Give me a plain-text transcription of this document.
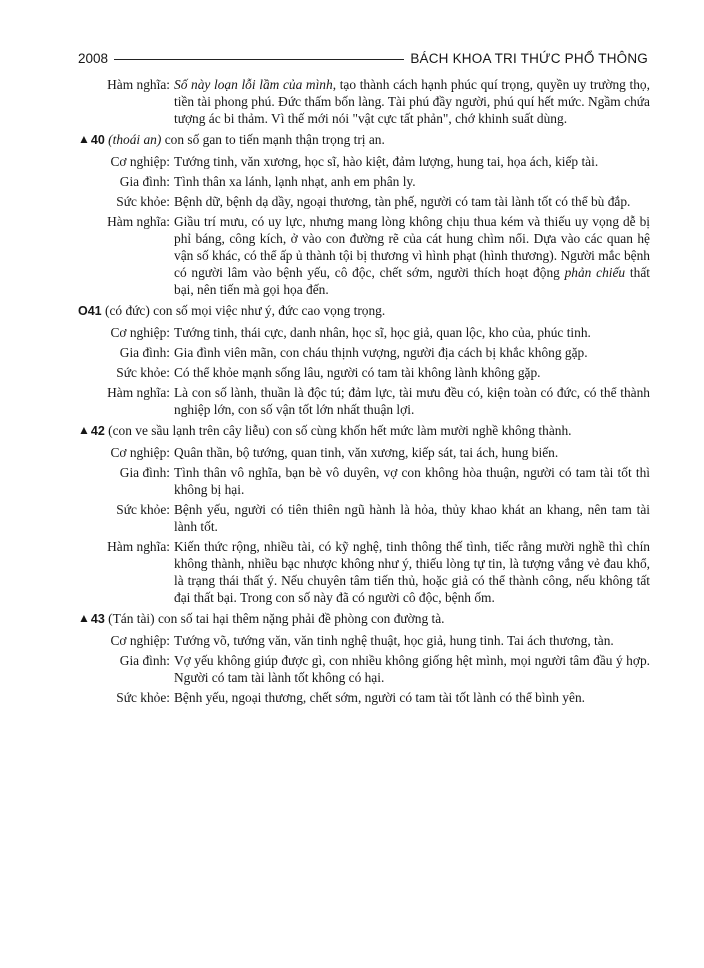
2008	BÁCH KHOA TRI THỨC PHỔ THÔNG
Hàm nghĩa: Số này loạn lỗi lầm của mình, tạo thành cách hạnh phúc quí trọng, quyền uy trường thọ, tiền tài phong phú. Đức thấm bốn làng. Tài phú đầy người, phú quí hết mức. Ngầm chứa tượng ác bi thảm. Vì thế mới nói "vật cực tất phản", chớ khinh suất dùng.
▲40 (thoái an) con số gan to tiến mạnh thận trọng trị an.
Cơ nghiệp: Tướng tinh, văn xương, học sĩ, hào kiệt, đảm lượng, hung tai, họa ách, kiếp tài.
Gia đình: Tình thân xa lánh, lạnh nhạt, anh em phân ly.
Sức khỏe: Bệnh dữ, bệnh dạ dầy, ngoại thương, tàn phế, người có tam tài lành tốt có thể bù đắp.
Hàm nghĩa: Giầu trí mưu, có uy lực, nhưng mang lòng không chịu thua kém và thiếu uy vọng dễ bị phỉ báng, công kích, ở vào con đường rẽ của cát hung chìm nổi. Dựa vào các quan hệ vận số khác, có thể ấp ủ thành tội bị thương vì hình phạt (hình thương). Người mắc bệnh có người lâm vào bệnh yếu, cô độc, chết sớm, người thích hoạt động phản chiếu thất bại, nên tiến mà gọi họa đến.
O41 (có đức) con số mọi việc như ý, đức cao vọng trọng.
Cơ nghiệp: Tướng tinh, thái cực, danh nhân, học sĩ, học giả, quan lộc, kho của, phúc tinh.
Gia đình: Gia đình viên mãn, con cháu thịnh vượng, người địa cách bị khắc không gặp.
Sức khỏe: Có thể khỏe mạnh sống lâu, người có tam tài không lành không gặp.
Hàm nghĩa: Là con số lành, thuần là độc tú; đảm lực, tài mưu đều có, kiện toàn có đức, có thể thành nghiệp lớn, con số vận tốt lớn nhất thuận lợi.
▲42 (con ve sầu lạnh trên cây liễu) con số cùng khốn hết mức làm mười nghề không thành.
Cơ nghiệp: Quân thần, bộ tướng, quan tinh, văn xương, kiếp sát, tai ách, hung biến.
Gia đình: Tình thân vô nghĩa, bạn bè vô duyên, vợ con không hòa thuận, người có tam tài tốt thì không bị hại.
Sức khỏe: Bệnh yếu, người có tiên thiên ngũ hành là hỏa, thủy khao khát an khang, nên tam tài lành tốt.
Hàm nghĩa: Kiến thức rộng, nhiều tài, có kỹ nghệ, tinh thông thế tình, tiếc rằng mười nghề thì chín không thành, nhiều bạc nhược không như ý, thiếu lòng tự tin, là tượng vắng vẻ đau khổ, là trạng thái thất ý. Nếu chuyên tâm tiến thủ, hoặc giả có thể thành công, nếu không tất đại thất bại. Trong con số này đã có người cô độc, bệnh ốm.
▲43 (Tán tài) con số tai hại thêm nặng phải đề phòng con đường tà.
Cơ nghiệp: Tướng võ, tướng văn, văn tinh nghệ thuật, học giả, hung tinh. Tai ách thương, tàn.
Gia đình: Vợ yếu không giúp được gì, con nhiều không giống hệt mình, mọi người tâm đầu ý hợp. Người có tam tài lành tốt không có hại.
Sức khỏe: Bệnh yếu, ngoại thương, chết sớm, người có tam tài tốt lành có thể bình yên.
